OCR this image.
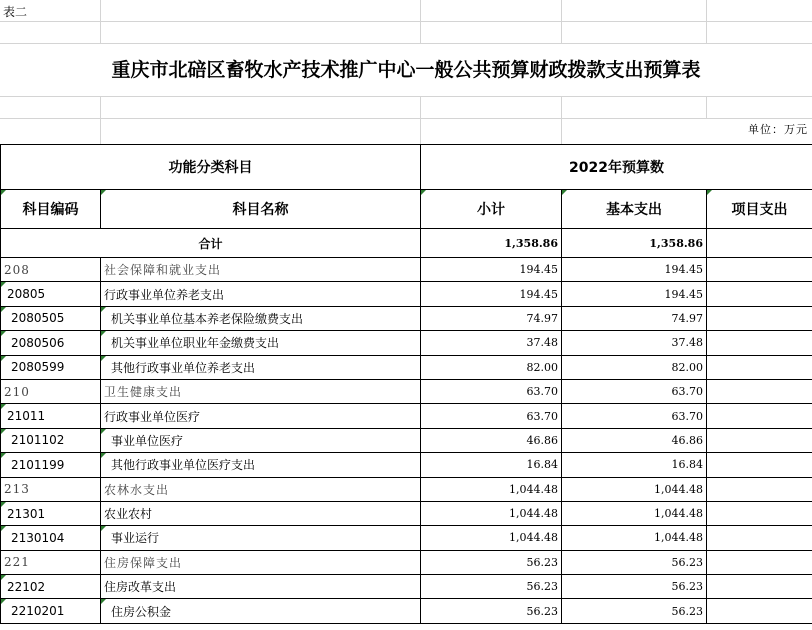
表二
重庆市北碚区畜牧水产技术推广中心一般公共预算财政拨款支出预算表
单位：万元
功能分类科目		2022年预算数		
科目编码	科目名称	小计	基本支出	项目支出
合计		1,358.86	1,358.86	
208	社会保障和就业支出	194.45	194.45	
20805	行政事业单位养老支出	194.45	194.45	
2080505	机关事业单位基本养老保险缴费支出	74.97	74.97	
2080506	机关事业单位职业年金缴费支出	37.48	37.48	
2080599	其他行政事业单位养老支出	82.00	82.00	
210	卫生健康支出	63.70	63.70	
21011	行政事业单位医疗	63.70	63.70	
2101102	事业单位医疗	46.86	46.86	
2101199	其他行政事业单位医疗支出	16.84	16.84	
213	农林水支出	1,044.48	1,044.48	
21301	农业农村	1,044.48	1,044.48	
2130104	事业运行	1,044.48	1,044.48	
221	住房保障支出	56.23	56.23	
22102	住房改革支出	56.23	56.23	
2210201	住房公积金	56.23	56.23	
